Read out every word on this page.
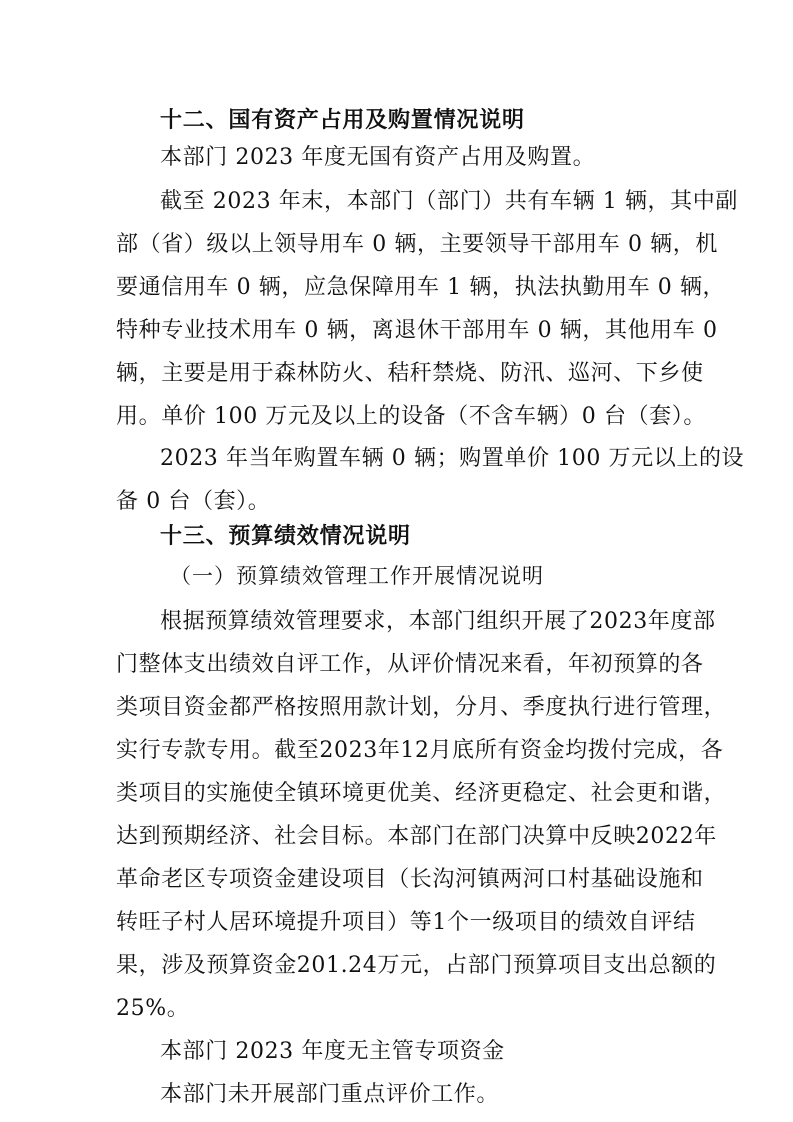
十二、国有资产占用及购置情况说明
本部门 2023 年度无国有资产占用及购置。
截至 2023 年末，本部门（部门）共有车辆 1 辆，其中副
部（省）级以上领导用车 0 辆，主要领导干部用车 0 辆，机
要通信用车 0 辆，应急保障用车 1 辆，执法执勤用车 0 辆，
特种专业技术用车 0 辆，离退休干部用车 0 辆，其他用车 0
辆，主要是用于森林防火、秸秆禁烧、防汛、巡河、下乡使
用。单价 100 万元及以上的设备（不含车辆）0 台（套）。
2023 年当年购置车辆 0 辆；购置单价 100 万元以上的设
备 0 台（套）。
十三、预算绩效情况说明
（一）预算绩效管理工作开展情况说明
根据预算绩效管理要求，本部门组织开展了2023年度部
门整体支出绩效自评工作，从评价情况来看，年初预算的各
类项目资金都严格按照用款计划，分月、季度执行进行管理，
实行专款专用。截至2023年12月底所有资金均拨付完成，各
类项目的实施使全镇环境更优美、经济更稳定、社会更和谐，
达到预期经济、社会目标。本部门在部门决算中反映2022年
革命老区专项资金建设项目（长沟河镇两河口村基础设施和
转旺子村人居环境提升项目）等1个一级项目的绩效自评结
果，涉及预算资金201.24万元，占部门预算项目支出总额的
25%。
本部门 2023 年度无主管专项资金
本部门未开展部门重点评价工作。
